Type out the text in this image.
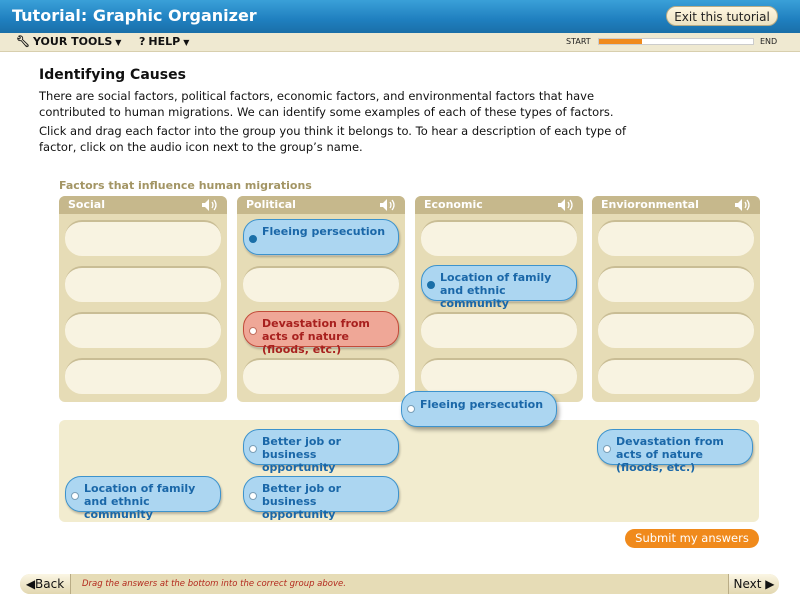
Tutorial: Graphic Organizer	Exit this tutorial
🔧︎ YOUR TOOLS ▼ ? HELP ▼	START	END
Identifying Causes

There are social factors, political factors, economic factors, and environmental factors that have contributed to human migrations. We can identify some examples of each of these types of factors.

Click and drag each factor into the group you think it belongs to. To hear a description of each type of factor, click on the audio icon next to the group’s name.

Factors that influence human migrations
Social	Political	Economic	Envioronmental
Fleeing persecution
Devastation from acts of nature (floods, etc.)
Location of family and ethnic community
Better job or business opportunity
Devastation from acts of nature (floods, etc.)
Location of family and ethnic community
Better job or business opportunity
Fleeing persecution
Submit my answers
◀Back	Drag the answers at the bottom into the correct group above.	Next ▶
